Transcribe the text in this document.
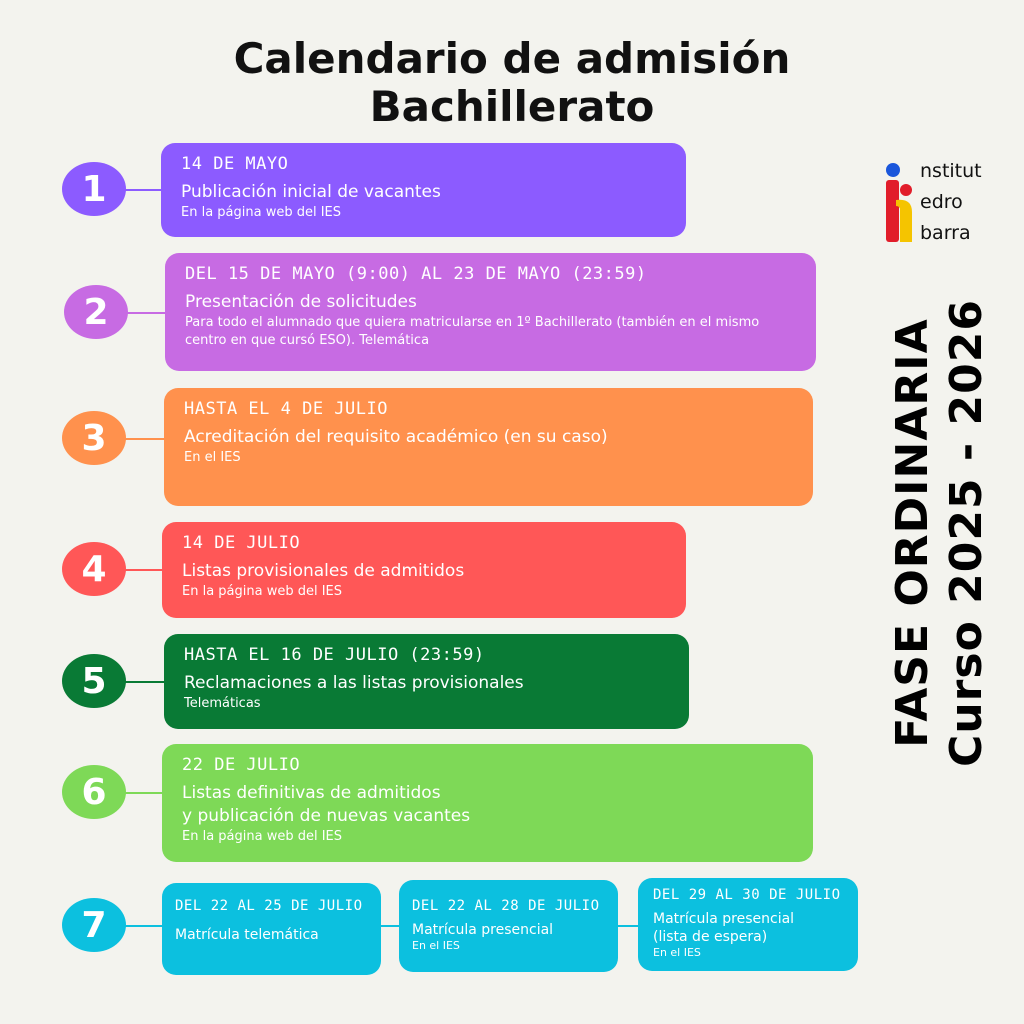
Calendario de admisión
Bachillerato
nstitut
edro
barra
FASE ORDINARIA Curso 2025 - 2026
1
14 DE MAYO
Publicación inicial de vacantes
En la página web del IES
2
DEL 15 DE MAYO (9:00) AL 23 DE MAYO (23:59)
Presentación de solicitudes
Para todo el alumnado que quiera matricularse en 1º Bachillerato (también en el mismo centro en que cursó ESO). Telemática
3
HASTA EL 4 DE JULIO
Acreditación del requisito académico (en su caso)
En el IES
4
14 DE JULIO
Listas provisionales de admitidos
En la página web del IES
5
HASTA EL 16 DE JULIO (23:59)
Reclamaciones a las listas provisionales
Telemáticas
6
22 DE JULIO
Listas definitivas de admitidos
y publicación de nuevas vacantes
En la página web del IES
7	DEL 22 AL 25 DE JULIO
Matrícula telemática
DEL 22 AL 28 DE JULIO
Matrícula presencial
En el IES
DEL 29 AL 30 DE JULIO
Matrícula presencial
(lista de espera)
En el IES
